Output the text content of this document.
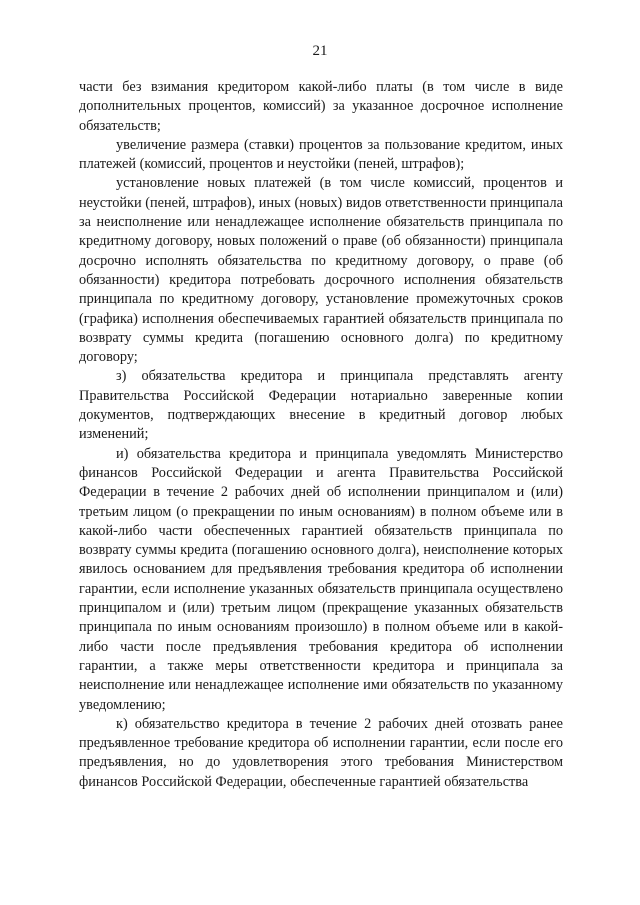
21

части без взимания кредитором какой-либо платы (в том числе в виде дополнительных процентов, комиссий) за указанное досрочное исполнение обязательств;

увеличение размера (ставки) процентов за пользование кредитом, иных платежей (комиссий, процентов и неустойки (пеней, штрафов);

установление новых платежей (в том числе комиссий, процентов и неустойки (пеней, штрафов), иных (новых) видов ответственности принципала за неисполнение или ненадлежащее исполнение обязательств принципала по кредитному договору, новых положений о праве (об обязанности) принципала досрочно исполнять обязательства по кредитному договору, о праве (об обязанности) кредитора потребовать досрочного исполнения обязательств принципала по кредитному договору, установление промежуточных сроков (графика) исполнения обеспечиваемых гарантией обязательств принципала по возврату суммы кредита (погашению основного долга) по кредитному договору;

з) обязательства кредитора и принципала представлять агенту Правительства Российской Федерации нотариально заверенные копии документов, подтверждающих внесение в кредитный договор любых изменений;

и) обязательства кредитора и принципала уведомлять Министерство финансов Российской Федерации и агента Правительства Российской Федерации в течение 2 рабочих дней об исполнении принципалом и (или) третьим лицом (о прекращении по иным основаниям) в полном объеме или в какой-либо части обеспеченных гарантией обязательств принципала по возврату суммы кредита (погашению основного долга), неисполнение которых явилось основанием для предъявления требования кредитора об исполнении гарантии, если исполнение указанных обязательств принципала осуществлено принципалом и (или) третьим лицом (прекращение указанных обязательств принципала по иным основаниям произошло) в полном объеме или в какой-либо части после предъявления требования кредитора об исполнении гарантии, а также меры ответственности кредитора и принципала за неисполнение или ненадлежащее исполнение ими обязательств по указанному уведомлению;

к) обязательство кредитора в течение 2 рабочих дней отозвать ранее предъявленное требование кредитора об исполнении гарантии, если после его предъявления, но до удовлетворения этого требования Министерством финансов Российской Федерации, обеспеченные гарантией обязательства
